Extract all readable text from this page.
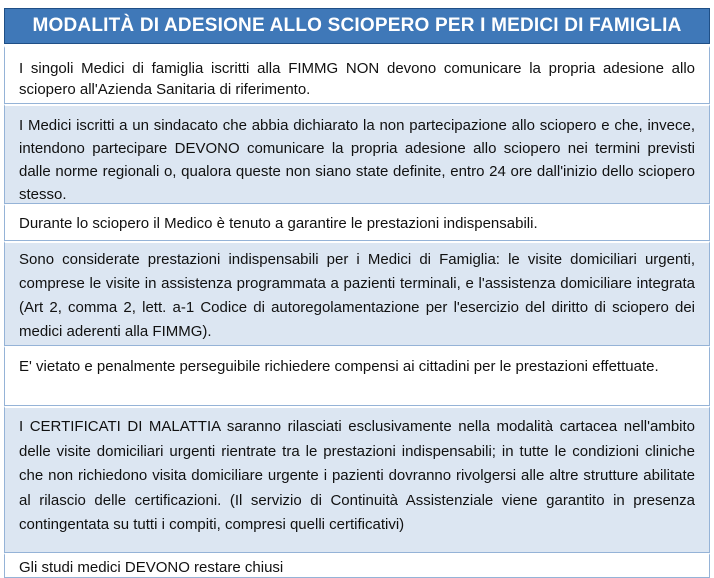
MODALITÀ DI ADESIONE ALLO SCIOPERO PER I MEDICI DI FAMIGLIA
I singoli Medici di famiglia iscritti alla FIMMG NON devono comunicare la propria adesione allo sciopero all'Azienda Sanitaria di riferimento.
I Medici iscritti a un sindacato che abbia dichiarato la non partecipazione allo sciopero e che, invece, intendono partecipare DEVONO comunicare la propria adesione allo sciopero nei termini previsti dalle norme regionali o, qualora queste non siano state definite, entro 24 ore dall'inizio dello sciopero stesso.
Durante lo sciopero il Medico è tenuto a garantire le prestazioni indispensabili.
Sono considerate prestazioni indispensabili per i Medici di Famiglia: le visite domiciliari urgenti, comprese le visite in assistenza programmata a pazienti terminali, e l'assistenza domiciliare integrata (Art 2, comma 2, lett. a-1 Codice di autoregolamentazione per l'esercizio del diritto di sciopero dei medici aderenti alla FIMMG).
E' vietato e penalmente perseguibile richiedere compensi ai cittadini per le prestazioni effettuate.
I CERTIFICATI DI MALATTIA saranno rilasciati esclusivamente nella modalità cartacea nell'ambito delle visite domiciliari urgenti rientrate tra le prestazioni indispensabili; in tutte le condizioni cliniche che non richiedono visita domiciliare urgente i pazienti dovranno rivolgersi alle altre strutture abilitate al rilascio delle certificazioni. (Il servizio di Continuità Assistenziale viene garantito in presenza contingentata su tutti i compiti, compresi quelli certificativi)
Gli studi medici DEVONO restare chiusi
